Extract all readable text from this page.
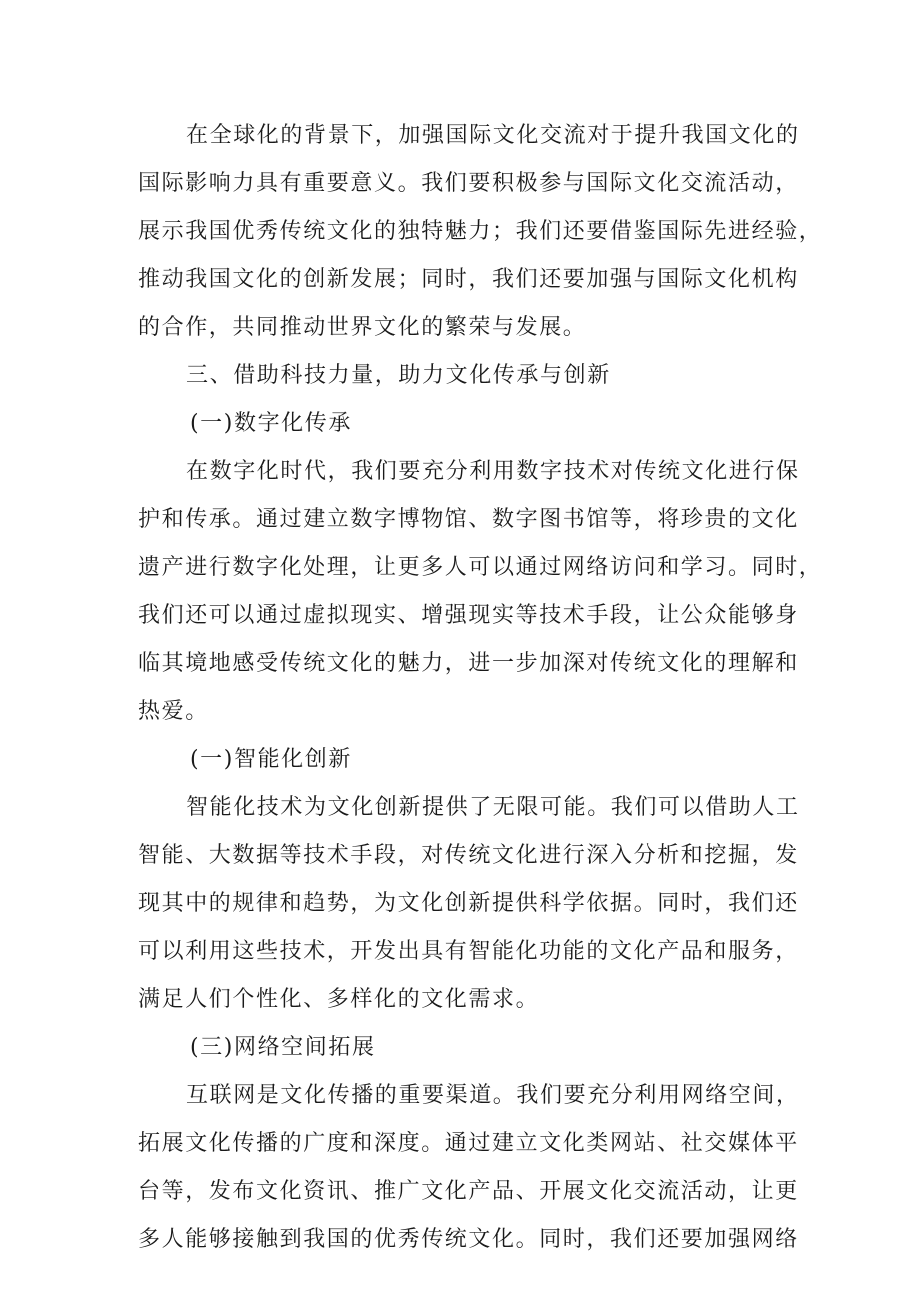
在全球化的背景下，加强国际文化交流对于提升我国文化的
国际影响力具有重要意义。我们要积极参与国际文化交流活动，
展示我国优秀传统文化的独特魅力；我们还要借鉴国际先进经验，
推动我国文化的创新发展；同时，我们还要加强与国际文化机构
的合作，共同推动世界文化的繁荣与发展。
三、借助科技力量，助力文化传承与创新
(一)数字化传承
在数字化时代，我们要充分利用数字技术对传统文化进行保
护和传承。通过建立数字博物馆、数字图书馆等，将珍贵的文化
遗产进行数字化处理，让更多人可以通过网络访问和学习。同时，
我们还可以通过虚拟现实、增强现实等技术手段，让公众能够身
临其境地感受传统文化的魅力，进一步加深对传统文化的理解和
热爱。
(一)智能化创新
智能化技术为文化创新提供了无限可能。我们可以借助人工
智能、大数据等技术手段，对传统文化进行深入分析和挖掘，发
现其中的规律和趋势，为文化创新提供科学依据。同时，我们还
可以利用这些技术，开发出具有智能化功能的文化产品和服务，
满足人们个性化、多样化的文化需求。
(三)网络空间拓展
互联网是文化传播的重要渠道。我们要充分利用网络空间，
拓展文化传播的广度和深度。通过建立文化类网站、社交媒体平
台等，发布文化资讯、推广文化产品、开展文化交流活动，让更
多人能够接触到我国的优秀传统文化。同时，我们还要加强网络
